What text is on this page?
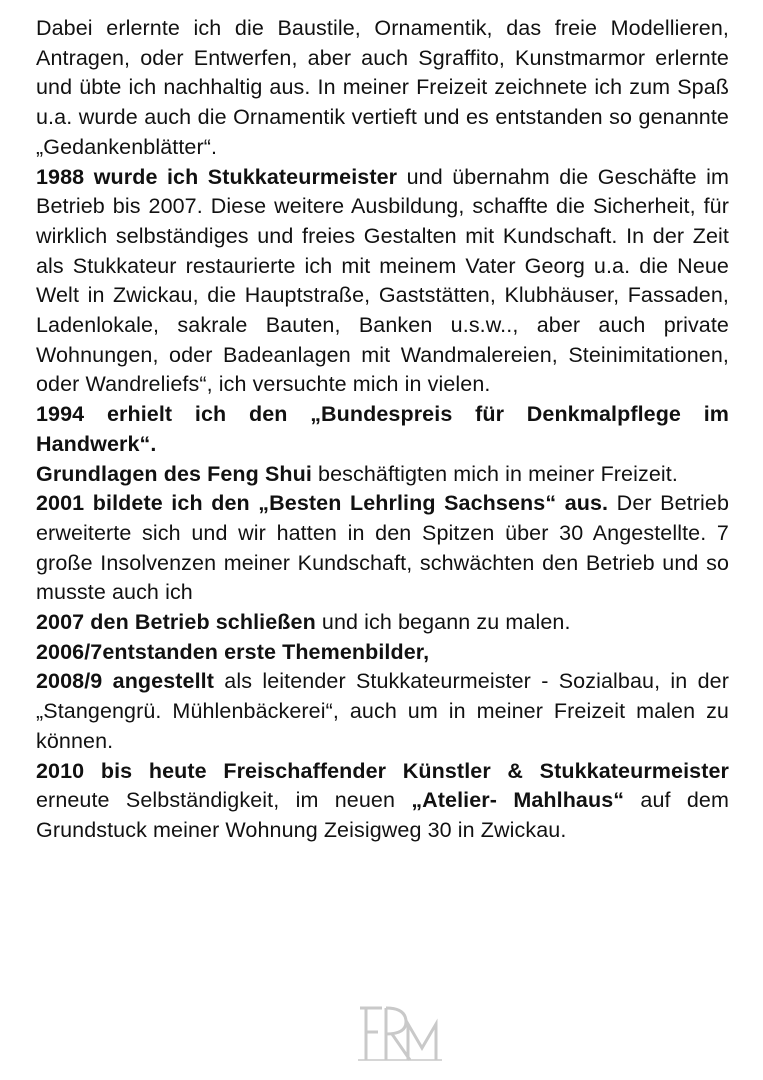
Dabei erlernte ich die Baustile, Ornamentik, das freie Modellieren, Antragen, oder Entwerfen, aber auch Sgraffito, Kunstmarmor erlernte und übte ich nachhaltig aus. In meiner Freizeit zeichnete ich zum Spaß u.a. wurde auch die Ornamentik vertieft und es entstanden so genannte „Gedankenblätter“.

1988 wurde ich Stukkateurmeister und übernahm die Geschäfte im Betrieb bis 2007. Diese weitere Ausbildung, schaffte die Sicherheit, für wirklich selbständiges und freies Gestalten mit Kundschaft. In der Zeit als Stukkateur restaurierte ich mit meinem Vater Georg u.a. die Neue Welt in Zwickau, die Hauptstraße, Gaststätten, Klubhäuser, Fassaden, Ladenlokale, sakrale Bauten, Banken u.s.w.., aber auch private Wohnungen, oder Badeanlagen mit Wandmalereien, Steinimitationen, oder Wandreliefs“, ich versuchte mich in vielen.

1994 erhielt ich den „Bundespreis für Denkmalpflege im Handwerk“.

Grundlagen des Feng Shui beschäftigten mich in meiner Freizeit.

2001 bildete ich den „Besten Lehrling Sachsens“ aus. Der Betrieb erweiterte sich und wir hatten in den Spitzen über 30 Angestellte. 7 große Insolvenzen meiner Kundschaft, schwächten den Betrieb und so musste auch ich

2007 den Betrieb schließen und ich begann zu malen.

2006/7entstanden erste Themenbilder,

2008/9 angestellt als leitender Stukkateurmeister - Sozialbau, in der „Stangengrü. Mühlenbäckerei“, auch um in meiner Freizeit malen zu können.

2010 bis heute Freischaffender Künstler & Stukkateurmeister erneute Selbständigkeit, im neuen „Atelier- Mahlhaus“ auf dem Grundstuck meiner Wohnung Zeisigweg 30 in Zwickau.
